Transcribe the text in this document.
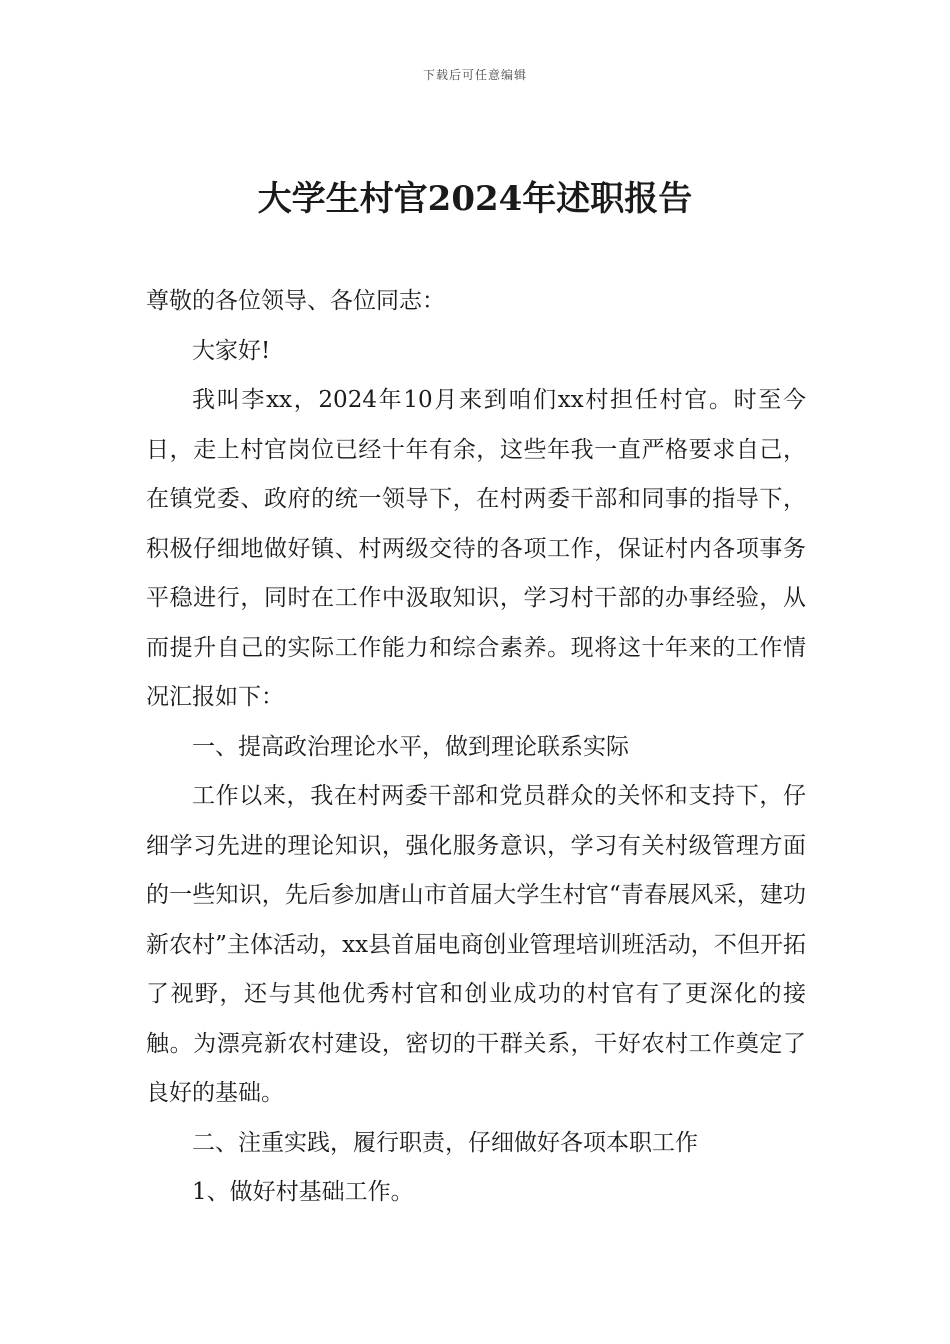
下载后可任意编辑
大学生村官2024年述职报告

尊敬的各位领导、各位同志：

大家好!

我叫李xx，2024年10月来到咱们xx村担任村官。时至今日，走上村官岗位已经十年有余，这些年我一直严格要求自己，在镇党委、政府的统一领导下，在村两委干部和同事的指导下，积极仔细地做好镇、村两级交待的各项工作，保证村内各项事务平稳进行，同时在工作中汲取知识，学习村干部的办事经验，从而提升自己的实际工作能力和综合素养。现将这十年来的工作情况汇报如下：

一、提高政治理论水平，做到理论联系实际

工作以来，我在村两委干部和党员群众的关怀和支持下，仔细学习先进的理论知识，强化服务意识，学习有关村级管理方面的一些知识，先后参加唐山市首届大学生村官“青春展风采，建功新农村”主体活动，xx县首届电商创业管理培训班活动，不但开拓了视野，还与其他优秀村官和创业成功的村官有了更深化的接触。为漂亮新农村建设，密切的干群关系，干好农村工作奠定了良好的基础。

二、注重实践，履行职责，仔细做好各项本职工作

1、做好村基础工作。
